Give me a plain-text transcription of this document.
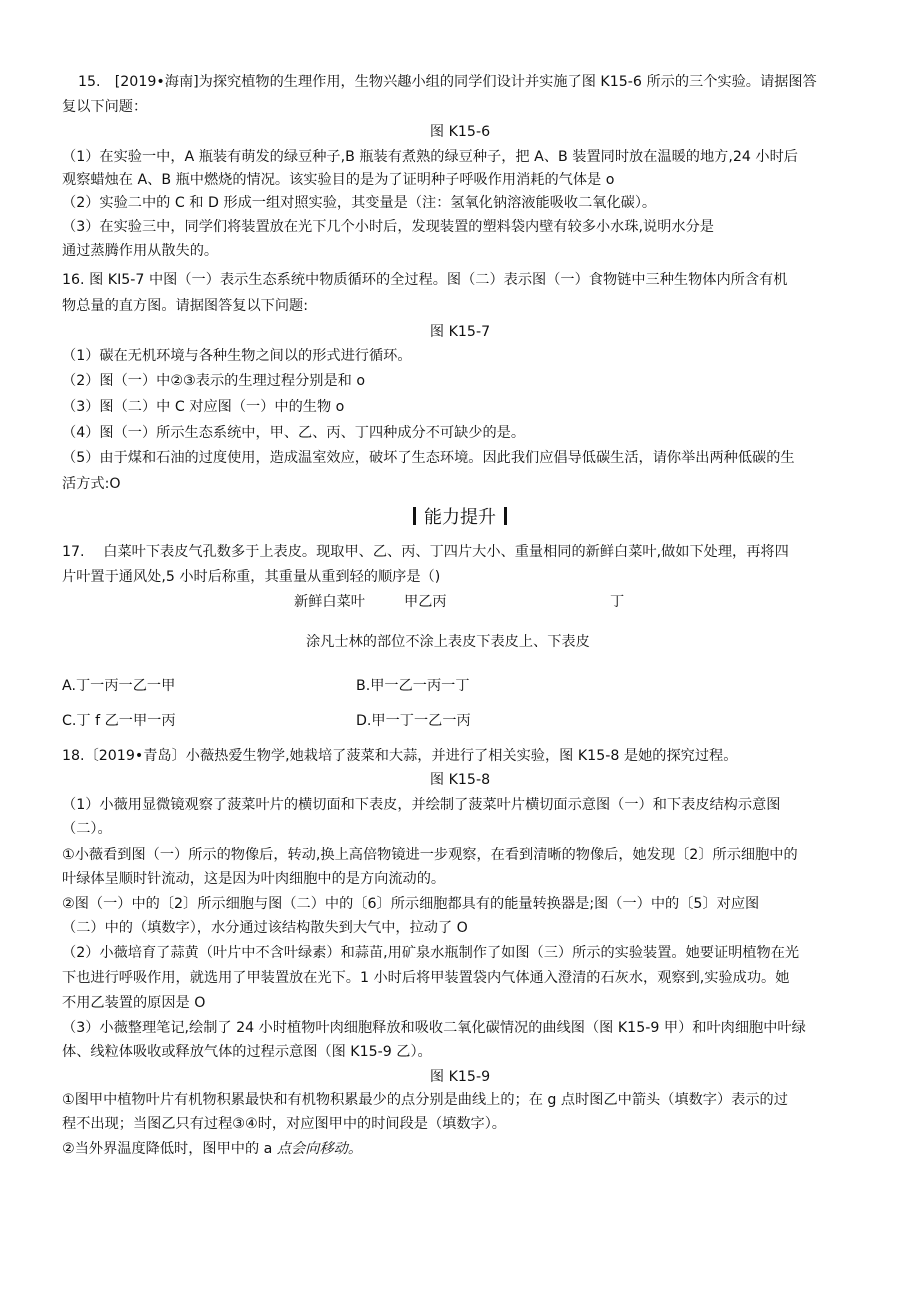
15.　[2019•海南]为探究植物的生理作用，生物兴趣小组的同学们设计并实施了图 K15-6 所示的三个实验。请据图答
复以下问题：
图 K15-6
（1）在实验一中，A 瓶装有萌发的绿豆种子,B 瓶装有煮熟的绿豆种子，把 A、B 装置同时放在温暖的地方,24 小时后
观察蜡烛在 A、B 瓶中燃烧的情况。该实验目的是为了证明种子呼吸作用消耗的气体是 o
（2）实验二中的 C 和 D 形成一组对照实验，其变量是（注：氢氧化钠溶液能吸收二氧化碳）。
（3）在实验三中，同学们将装置放在光下几个小时后，发现装置的塑料袋内壁有较多小水珠,说明水分是
通过蒸腾作用从散失的。
16. 图 KI5-7 中图（一）表示生态系统中物质循环的全过程。图（二）表示图（一）食物链中三种生物体内所含有机
物总量的直方图。请据图答复以下问题:
图 K15-7
（1）碳在无机环境与各种生物之间以的形式进行循环。
（2）图（一）中②③表示的生理过程分别是和 o
（3）图（二）中 C 对应图（一）中的生物 o
（4）图（一）所示生态系统中，甲、乙、丙、丁四种成分不可缺少的是。
（5）由于煤和石油的过度使用，造成温室效应，破坏了生态环境。因此我们应倡导低碳生活，请你举出两种低碳的生
活方式:O
能力提升
17.　 白菜叶下表皮气孔数多于上表皮。现取甲、乙、丙、丁四片大小、重量相同的新鲜白菜叶,做如下处理，再将四
片叶置于通风处,5 小时后称重，其重量从重到轻的顺序是（)
新鲜白菜叶	甲乙丙	丁
涂凡士林的部位不涂上表皮下表皮上、下表皮
A.丁一丙一乙一甲	B.甲一乙一丙一丁
C.丁 f 乙一甲一丙	D.甲一丁一乙一丙
18.〔2019•青岛〕小薇热爱生物学,她栽培了菠菜和大蒜，并进行了相关实验，图 K15-8 是她的探究过程。
图 K15-8
（1）小薇用显微镜观察了菠菜叶片的横切面和下表皮，并绘制了菠菜叶片横切面示意图（一）和下表皮结构示意图
（二）。
①小薇看到图（一）所示的物像后，转动,换上高倍物镜进一步观察，在看到清晰的物像后，她发现〔2〕所示细胞中的
叶绿体呈顺时针流动，这是因为叶肉细胞中的是方向流动的。
②图（一）中的〔2〕所示细胞与图（二）中的〔6〕所示细胞都具有的能量转换器是;图（一）中的〔5〕对应图
（二）中的（填数字），水分通过该结构散失到大气中，拉动了 O
（2）小薇培育了蒜黄（叶片中不含叶绿素）和蒜苗,用矿泉水瓶制作了如图（三）所示的实验装置。她要证明植物在光
下也进行呼吸作用，就选用了甲装置放在光下。1 小时后将甲装置袋内气体通入澄清的石灰水，观察到,实验成功。她
不用乙装置的原因是 O
（3）小薇整理笔记,绘制了 24 小时植物叶肉细胞释放和吸收二氧化碳情况的曲线图（图 K15-9 甲）和叶肉细胞中叶绿
体、线粒体吸收或释放气体的过程示意图（图 K15-9 乙）。
图 K15-9
①图甲中植物叶片有机物积累最快和有机物积累最少的点分别是曲线上的；在 g 点时图乙中箭头（填数字）表示的过
程不出现；当图乙只有过程③④时，对应图甲中的时间段是（填数字）。
②当外界温度降低时，图甲中的 a 点会向移动。
